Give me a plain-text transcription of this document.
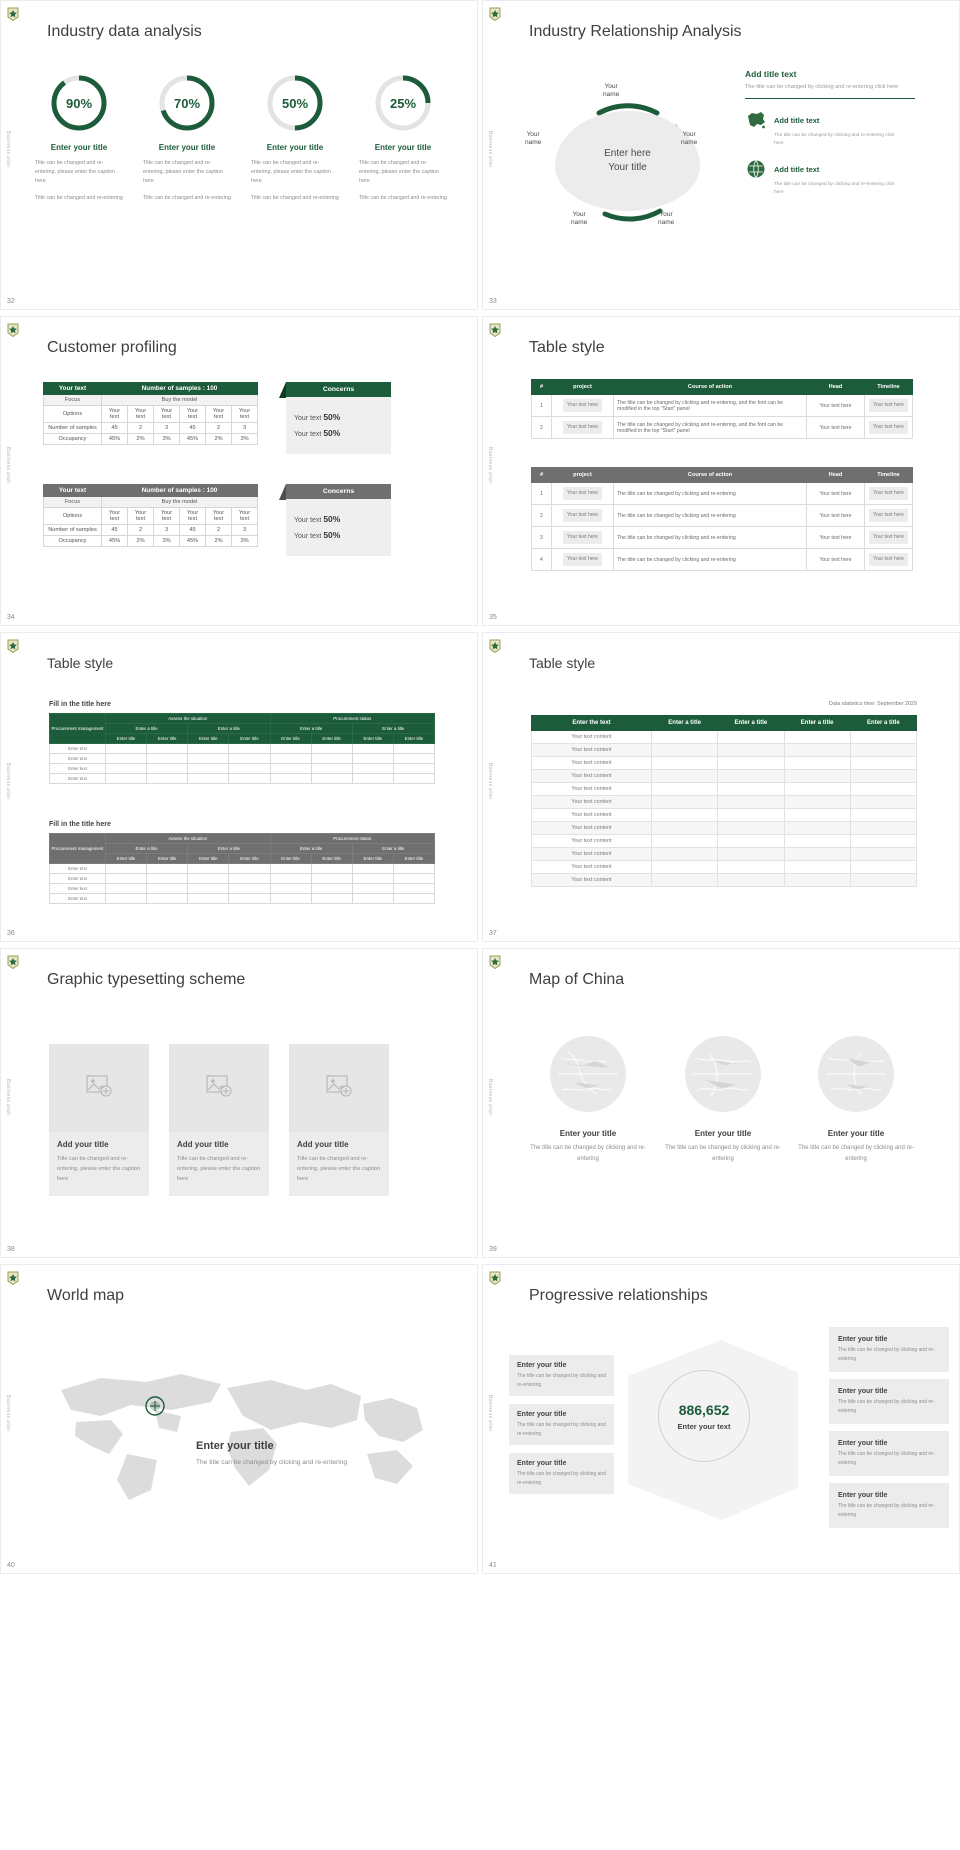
Business plan
Industry data analysis
90%
Enter your title

Title can be changed and re-entering, please enter the caption here

Title can be changed and re-entering

70%
Enter your title

Title can be changed and re-entering, please enter the caption here

Title can be changed and re-entering

50%
Enter your title

Title can be changed and re-entering, please enter the caption here

Title can be changed and re-entering

25%
Enter your title

Title can be changed and re-entering, please enter the caption here

Title can be changed and re-entering

32
Business plan
Industry Relationship Analysis
Enter here
Your title
Your
name
Your
name
Your
name
Your
name
Your
name
Add title text
The title can be changed by clicking and re-entering click here
Add title text
The title can be changed by clicking and re-entering click here
Add title text
The title can be changed by clicking and re-entering click here
33
Business plan
Customer profiling
Your text	Number of samples : 100					
Focus	Buy the model					
Options	Your text	Your text	Your text	Your text	Your text	Your text
Number of samples	45	2	3	45	2	3
Occupancy	45%	2%	3%	45%	2%	3%
Your text	Number of samples : 100					
Focus	Buy the model					
Options	Your text	Your text	Your text	Your text	Your text	Your text
Number of samples	45	2	3	45	2	3
Occupancy	45%	2%	3%	45%	2%	3%
Concerns
Your text 50%
Your text 50%
Concerns
Your text 50%
Your text 50%
34
Business plan
Table style
#	project	Course of action	Head	Timeline
1	Your text here	The title can be changed by clicking and re-entering, and the font can be modified in the top "Start" panel	Your text here	Your text here
2	Your text here	The title can be changed by clicking and re-entering, and the font can be modified in the top "Start" panel	Your text here	Your text here
#	project	Course of action	Head	Timeline
1	Your text here	The title can be changed by clicking and re-entering	Your text here	Your text here
2	Your text here	The title can be changed by clicking and re-entering	Your text here	Your text here
3	Your text here	The title can be changed by clicking and re-entering	Your text here	Your text here
4	Your text here	The title can be changed by clicking and re-entering	Your text here	Your text here
35
Business plan
Table style
Fill in the title here
Procurement management	Assess the situation				Procurement status			
	Enter a title		Enter a title		Enter a title		Enter a title	
	Enter title	Enter title	Enter title	Enter title	Enter title	Enter title	Enter title	Enter title
Enter text								
Enter text								
Enter text								
Enter text								
Fill in the title here
Procurement management	Assess the situation				Procurement status			
	Enter a title		Enter a title		Enter a title		Enter a title	
	Enter title	Enter title	Enter title	Enter title	Enter title	Enter title	Enter title	Enter title
Enter text								
Enter text								
Enter text								
Enter text								
36
Business plan
Table style
Data statistics time: September 2029
Enter the text	Enter a title	Enter a title	Enter a title	Enter a title
Your text content				
Your text content				
Your text content				
Your text content				
Your text content				
Your text content				
Your text content				
Your text content				
Your text content				
Your text content				
Your text content				
Your text content				
37
Business plan
Graphic typesetting scheme
Add your title
Title can be changed and re-entering, please enter the caption here
Add your title
Title can be changed and re-entering, please enter the caption here
Add your title
Title can be changed and re-entering, please enter the caption here
38
Business plan
Map of China
Enter your title
The title can be changed by clicking and re-entering
Enter your title
The title can be changed by clicking and re-entering
Enter your title
The title can be changed by clicking and re-entering
39
Business plan
World map
Enter your title
The title can be changed by clicking and re-entering
40
Business plan
Progressive relationships
Enter your title
The title can be changed by clicking and re-entering
Enter your title
The title can be changed by clicking and re-entering
Enter your title
The title can be changed by clicking and re-entering
886,652
Enter your text
Enter your title
The title can be changed by clicking and re-entering
Enter your title
The title can be changed by clicking and re-entering
Enter your title
The title can be changed by clicking and re-entering
Enter your title
The title can be changed by clicking and re-entering
41
